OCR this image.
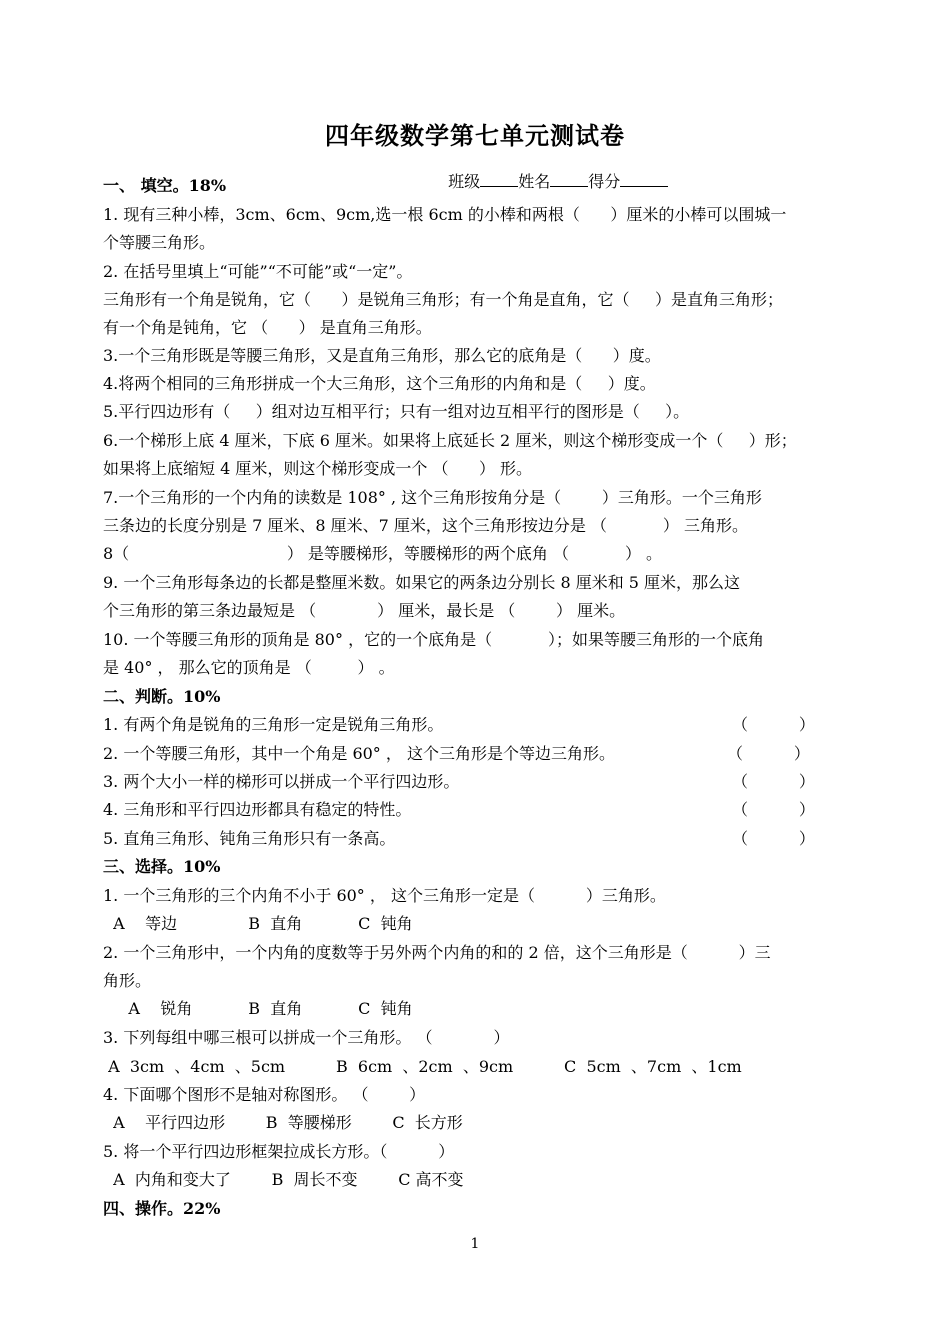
四年级数学第七单元测试卷

班级 姓名 得分

一、 填空。18%
1. 现有三种小棒，3cm、6cm、9cm,选一根 6cm 的小棒和两根（      ）厘米的小棒可以围城一
个等腰三角形。
2. 在括号里填上“可能”“不可能”或“一定”。
三角形有一个角是锐角，它（      ）是锐角三角形；有一个角是直角，它（     ）是直角三角形；
有一个角是钝角，它 （      ） 是直角三角形。
3.一个三角形既是等腰三角形，又是直角三角形，那么它的底角是（      ）度。
4.将两个相同的三角形拼成一个大三角形，这个三角形的内角和是（     ）度。
5.平行四边形有（     ）组对边互相平行；只有一组对边互相平行的图形是（     ）。
6.一个梯形上底 4 厘米，下底 6 厘米。如果将上底延长 2 厘米，则这个梯形变成一个（     ）形；
如果将上底缩短 4 厘米，则这个梯形变成一个 （      ） 形。
7.一个三角形的一个内角的读数是 108° , 这个三角形按角分是（        ）三角形。一个三角形
三条边的长度分别是 7 厘米、8 厘米、7 厘米，这个三角形按边分是 （           ） 三角形。
8（                               ） 是等腰梯形，等腰梯形的两个底角 （           ） 。
9. 一个三角形每条边的长都是整厘米数。如果它的两条边分别长 8 厘米和 5 厘米，那么这
个三角形的第三条边最短是 （            ） 厘米，最长是 （        ） 厘米。
10. 一个等腰三角形的顶角是 80° ，它的一个底角是（           ）；如果等腰三角形的一个底角
是 40° ， 那么它的顶角是 （         ） 。
二、判断。10%
1. 有两个角是锐角的三角形一定是锐角三角形。	（          ）
2. 一个等腰三角形，其中一个角是 60° ， 这个三角形是个等边三角形。	（          ）
3. 两个大小一样的梯形可以拼成一个平行四边形。	（          ）
4. 三角形和平行四边形都具有稳定的特性。	（          ）
5. 直角三角形、钝角三角形只有一条高。	（          ）
三、选择。10%
1. 一个三角形的三个内角不小于 60° ， 这个三角形一定是（          ）三角形。
A    等边              B  直角           C  钝角
2. 一个三角形中，一个内角的度数等于另外两个内角的和的 2 倍，这个三角形是（          ）三
角形。
A    锐角           B  直角           C  钝角
3. 下列每组中哪三根可以拼成一个三角形。 （            ）
A  3cm  、4cm  、5cm          B  6cm  、2cm  、9cm          C  5cm  、7cm  、1cm
4. 下面哪个图形不是轴对称图形。 （        ）
A    平行四边形        B  等腰梯形        C  长方形
5. 将一个平行四边形框架拉成长方形。（          ）
A  内角和变大了        B  周长不变        C 高不变
四、操作。22%
1
